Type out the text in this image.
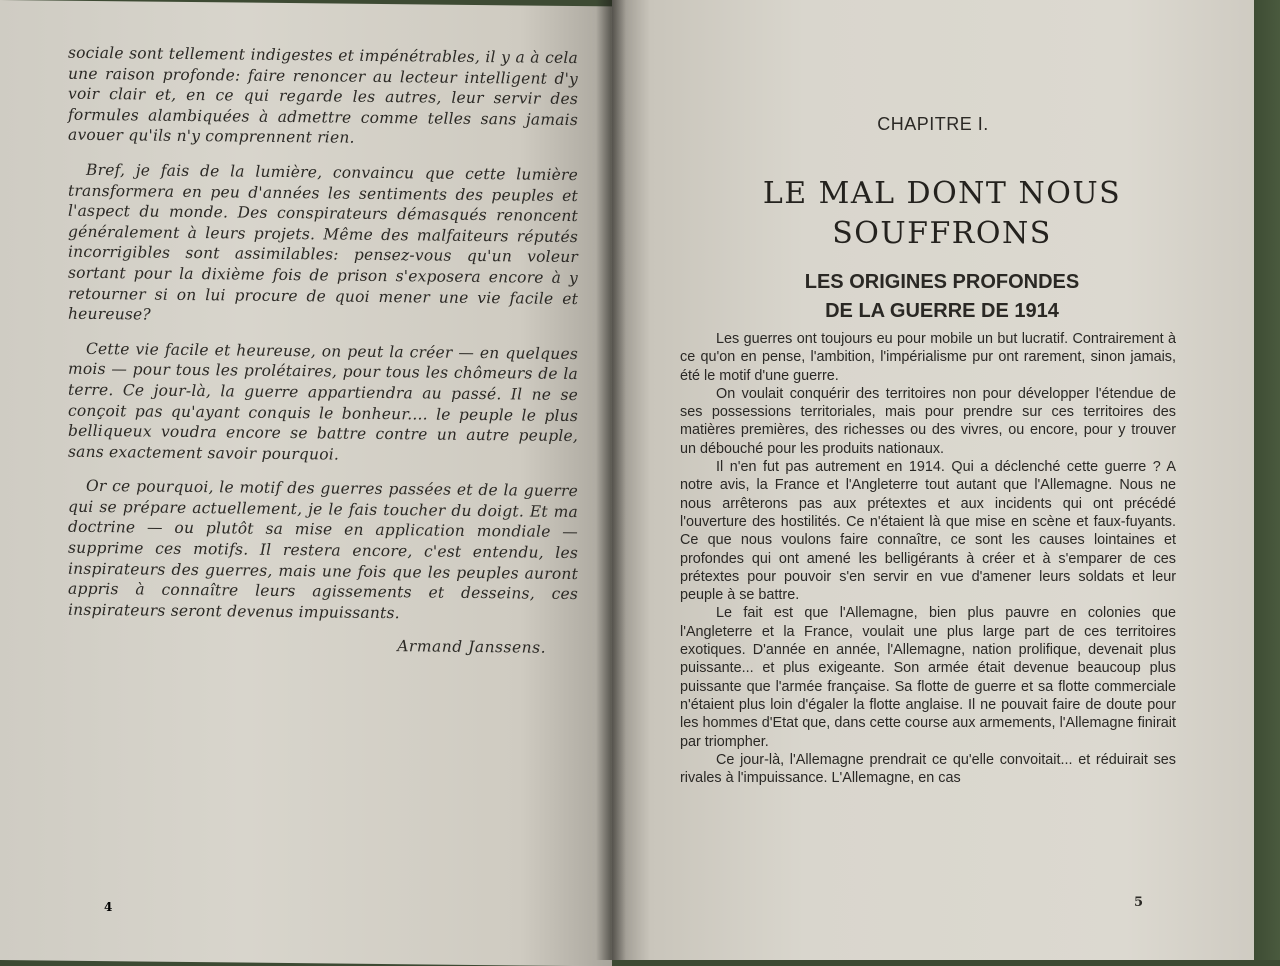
sociale sont tellement indigestes et impénétrables, il y a à cela une raison profonde: faire renoncer au lecteur intelligent d'y voir clair et, en ce qui regarde les autres, leur servir des formules alambiquées à admettre comme telles sans jamais avouer qu'ils n'y comprennent rien.

Bref, je fais de la lumière, convaincu que cette lumière transformera en peu d'années les sentiments des peuples et l'aspect du monde. Des conspirateurs démasqués renoncent généralement à leurs projets. Même des malfaiteurs réputés incorrigibles sont assimilables: pensez-vous qu'un voleur sortant pour la dixième fois de prison s'exposera encore à y retourner si on lui procure de quoi mener une vie facile et heureuse?

Cette vie facile et heureuse, on peut la créer — en quelques mois — pour tous les prolétaires, pour tous les chômeurs de la terre. Ce jour-là, la guerre appartiendra au passé. Il ne se conçoit pas qu'ayant conquis le bonheur.... le peuple le plus belliqueux voudra encore se battre contre un autre peuple, sans exactement savoir pourquoi.

Or ce pourquoi, le motif des guerres passées et de la guerre qui se prépare actuellement, je le fais toucher du doigt. Et ma doctrine — ou plutôt sa mise en application mondiale — supprime ces motifs. Il restera encore, c'est entendu, les inspirateurs des guerres, mais une fois que les peuples auront appris à connaître leurs agissements et desseins, ces inspirateurs seront devenus impuissants.

Armand Janssens.
4
CHAPITRE I.
LE MAL DONT NOUS
SOUFFRONS
LES ORIGINES PROFONDES
DE LA GUERRE DE 1914

Les guerres ont toujours eu pour mobile un but lucratif. Contrairement à ce qu'on en pense, l'ambition, l'impérialisme pur ont rarement, sinon jamais, été le motif d'une guerre.

On voulait conquérir des territoires non pour développer l'étendue de ses possessions territoriales, mais pour prendre sur ces territoires des matières premières, des richesses ou des vivres, ou encore, pour y trouver un débouché pour les produits nationaux.

Il n'en fut pas autrement en 1914. Qui a déclenché cette guerre ? A notre avis, la France et l'Angleterre tout autant que l'Allemagne. Nous ne nous arrêterons pas aux prétextes et aux incidents qui ont précédé l'ouverture des hostilités. Ce n'étaient là que mise en scène et faux-fuyants. Ce que nous voulons faire connaître, ce sont les causes lointaines et profondes qui ont amené les belligérants à créer et à s'emparer de ces prétextes pour pouvoir s'en servir en vue d'amener leurs soldats et leur peuple à se battre.

Le fait est que l'Allemagne, bien plus pauvre en colonies que l'Angleterre et la France, voulait une plus large part de ces territoires exotiques. D'année en année, l'Allemagne, nation prolifique, devenait plus puissante... et plus exigeante. Son armée était devenue beaucoup plus puissante que l'armée française. Sa flotte de guerre et sa flotte commerciale n'étaient plus loin d'égaler la flotte anglaise. Il ne pouvait faire de doute pour les hommes d'Etat que, dans cette course aux armements, l'Allemagne finirait par triompher.

Ce jour-là, l'Allemagne prendrait ce qu'elle convoitait... et réduirait ses rivales à l'impuissance. L'Allemagne, en cas

5
